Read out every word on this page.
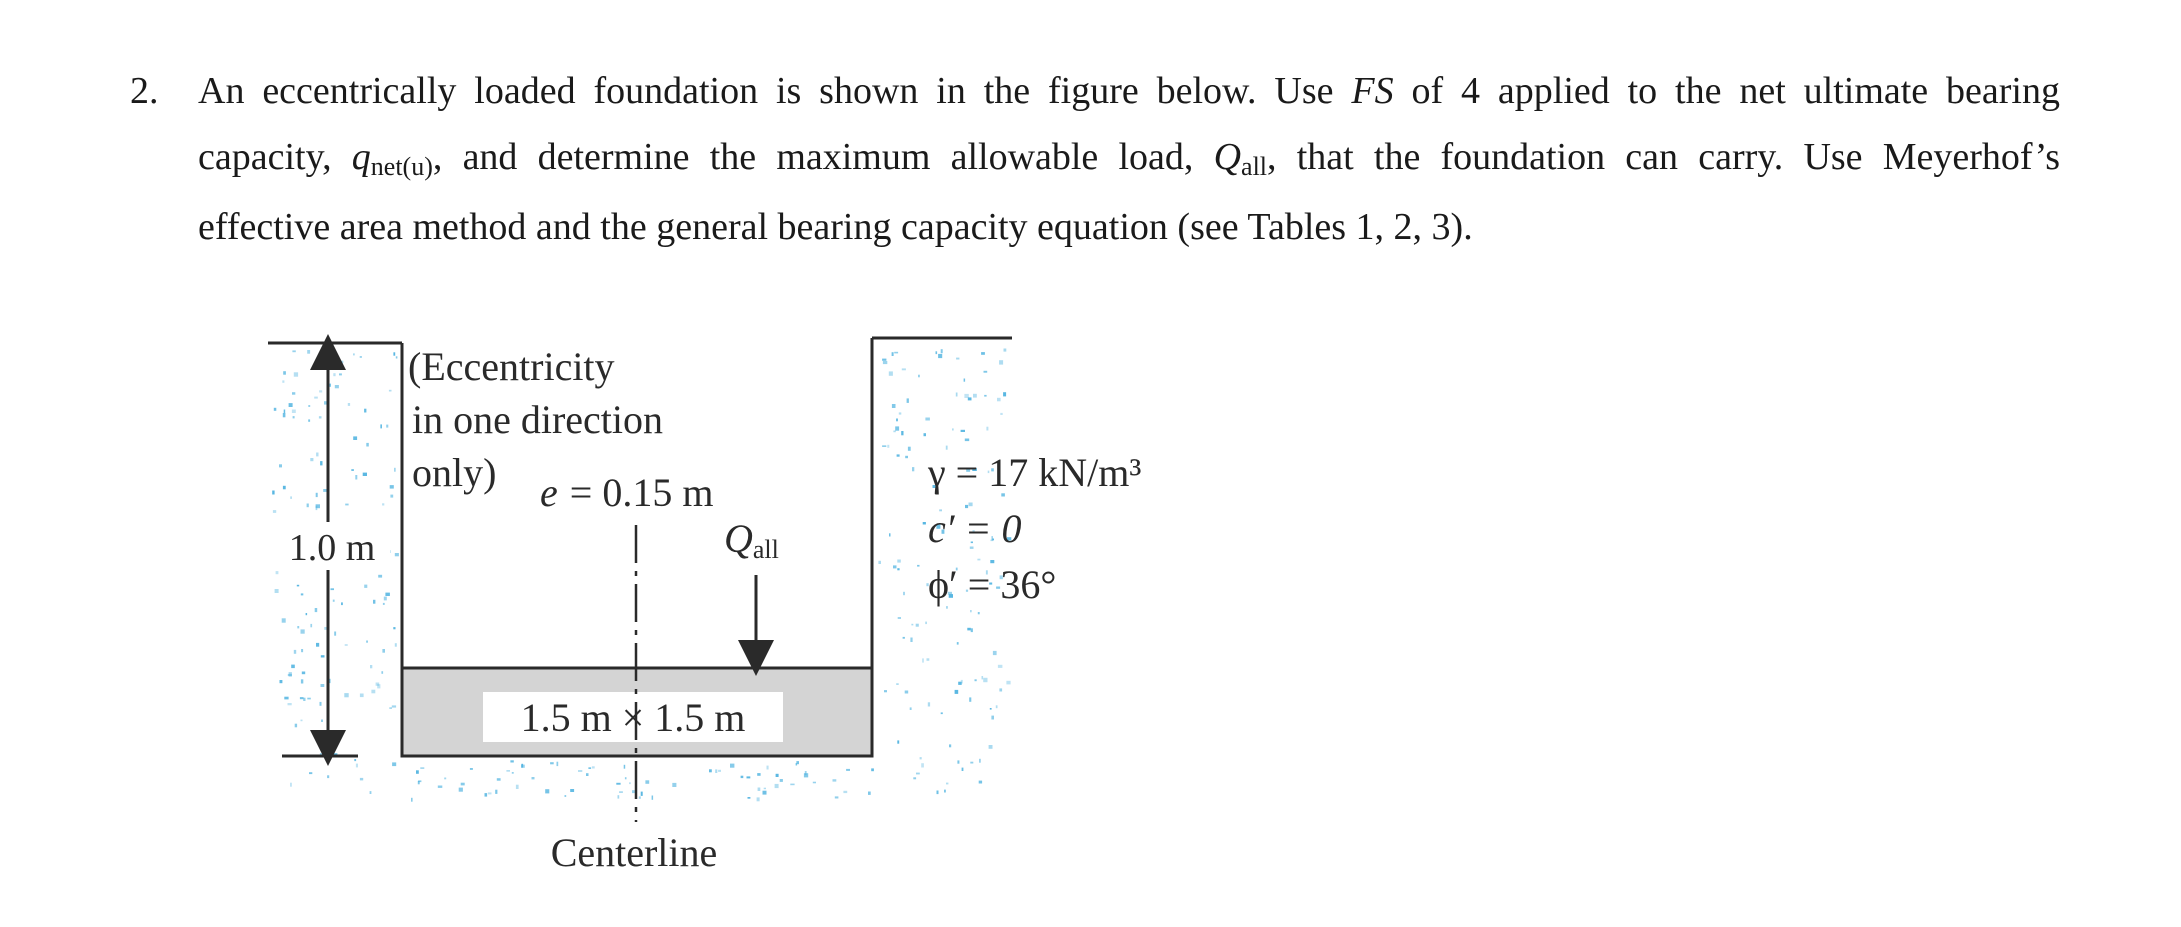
2. An eccentrically loaded foundation is shown in the figure below. Use FS of 4 applied to the net ultimate bearing
capacity, qnet(u), and determine the maximum allowable load, Qall, that the foundation can carry. Use Meyerhof’s
effective area method and the general bearing capacity equation (see Tables 1, 2, 3).
1.5 m × 1.5 m
1.0 m
Centerline
Qall
(Eccentricity
in one direction
only) e = 0.15 m	γ = 17 kN/m³
c′ = 0
ϕ′ = 36°
